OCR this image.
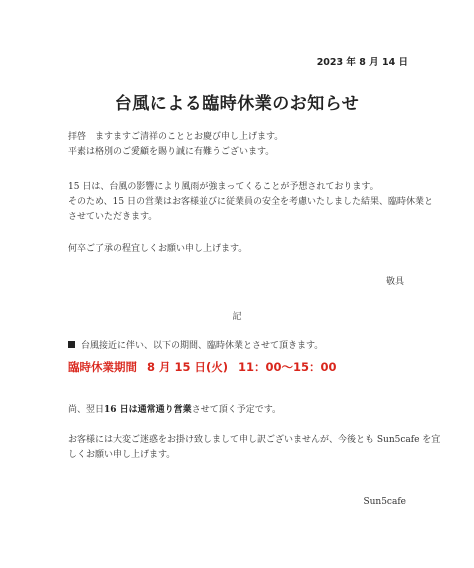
2023 年 8 月 14 日
台風による臨時休業のお知らせ
拝啓　ますますご清祥のこととお慶び申し上げます。
平素は格別のご愛顧を賜り誠に有難うございます。
15 日は、台風の影響により風雨が強まってくることが予想されております。
そのため、15 日の営業はお客様並びに従業員の安全を考慮いたしました結果、臨時休業と
させていただきます。
何卒ご了承の程宜しくお願い申し上げます。
敬具
記
台風接近に伴い、以下の期間、臨時休業とさせて頂きます。
臨時休業期間 8 月 15 日(火) 11：00〜15：00
尚、翌日16 日は通常通り営業させて頂く予定です。
お客様には大変ご迷惑をお掛け致しまして申し訳ございませんが、今後とも Sun5cafe を宜
しくお願い申し上げます。
Sun5cafe
